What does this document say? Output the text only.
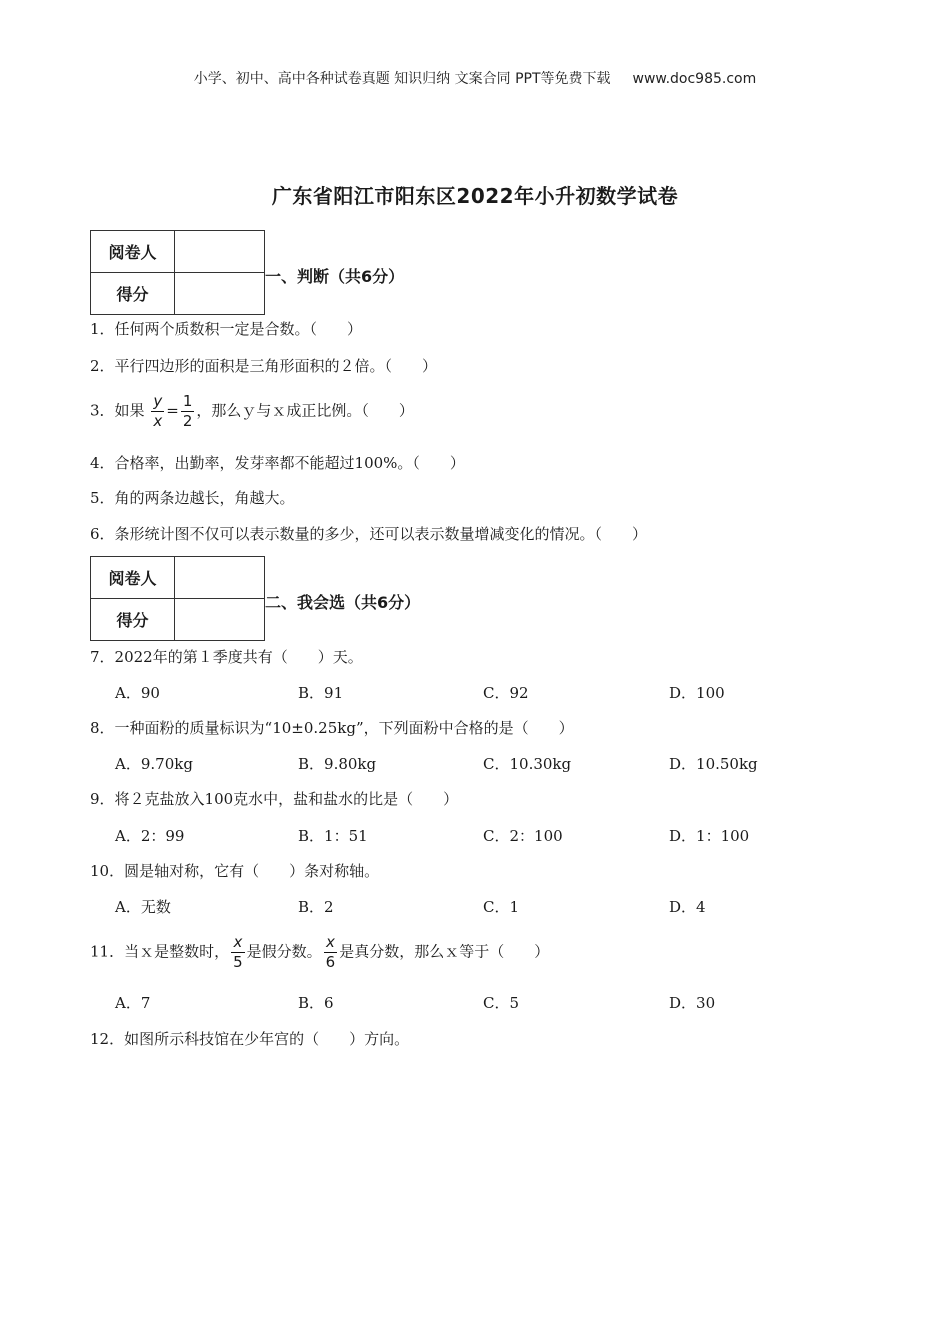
小学、初中、高中各种试卷真题 知识归纳 文案合同 PPT等免费下载 www.doc985.com
广东省阳江市阳东区2022年小升初数学试卷
阅卷人	
得分	
一、判断（共6分）
1．任何两个质数积一定是合数。（　　）
2．平行四边形的面积是三角形面积的２倍。（　　）
3．如果 $\frac{y}{x} = \frac{1}{2}$ ，那么ｙ与ｘ成正比例。（　　）
4．合格率，出勤率，发芽率都不能超过100%。（　　）
5．角的两条边越长，角越大。
6．条形统计图不仅可以表示数量的多少，还可以表示数量增减变化的情况。（　　）
阅卷人	
得分	
二、我会选（共6分）
7．2022年的第１季度共有（　　）天。
A．90	B．91	C．92	D．100
8．一种面粉的质量标识为“10±0.25kg”，下列面粉中合格的是（　　）
A．9.70kg	B．9.80kg	C．10.30kg	D．10.50kg
9．将２克盐放入100克水中，盐和盐水的比是（　　）
A．2：99	B．1：51	C．2：100	D．1：100
10．圆是轴对称，它有（　　）条对称轴。
A．无数	B．2	C．1	D．4
11．当ｘ是整数时， $\frac{x}{5}$ 是假分数。 $\frac{x}{6}$ 是真分数，那么ｘ等于（　　）
A．7	B．6	C．5	D．30
12．如图所示科技馆在少年宫的（　　）方向。
